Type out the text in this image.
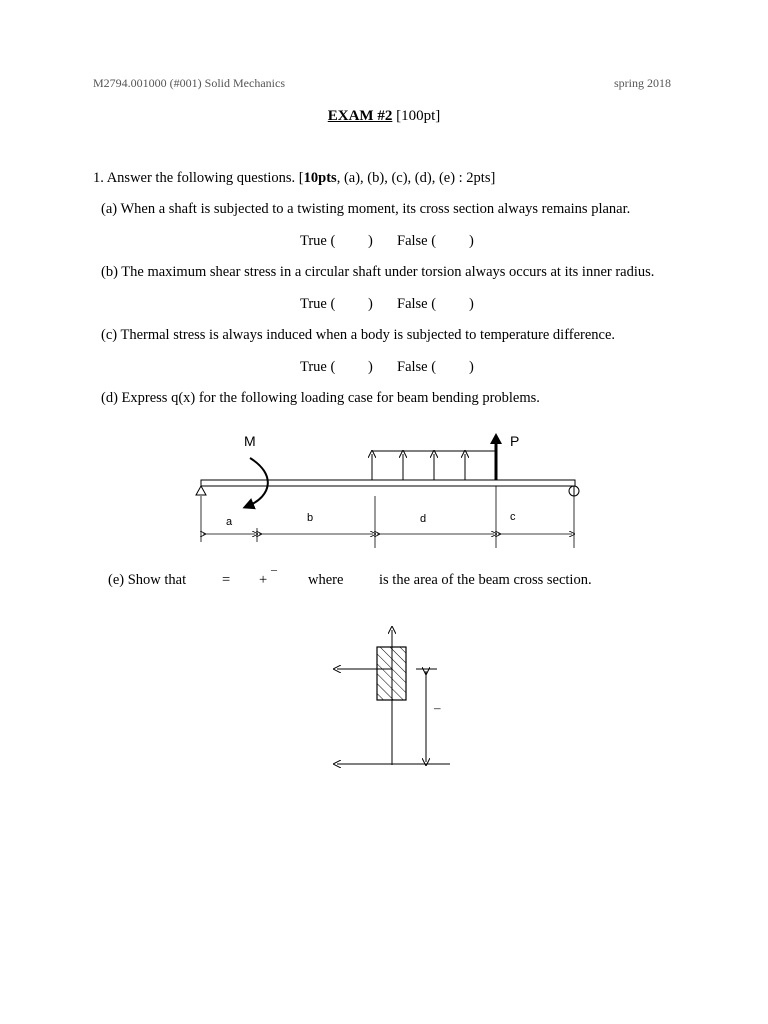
M2794.001000 (#001) Solid Mechanics	spring 2018
EXAM #2 [100pt]
1. Answer the following questions. [10pts, (a), (b), (c), (d), (e) : 2pts]
(a) When a shaft is subjected to a twisting moment, its cross section always remains planar.
True ( ) False ( )
(b) The maximum shear stress in a circular shaft under torsion always occurs at its inner radius.
True ( ) False ( )
(c) Thermal stress is always induced when a body is subjected to temperature difference.
True ( ) False ( )
(d) Express q(x) for the following loading case for beam bending problems.
M	P
a	b	d	c
–
(e) Show that = +
–
where is the area of the beam cross section.
